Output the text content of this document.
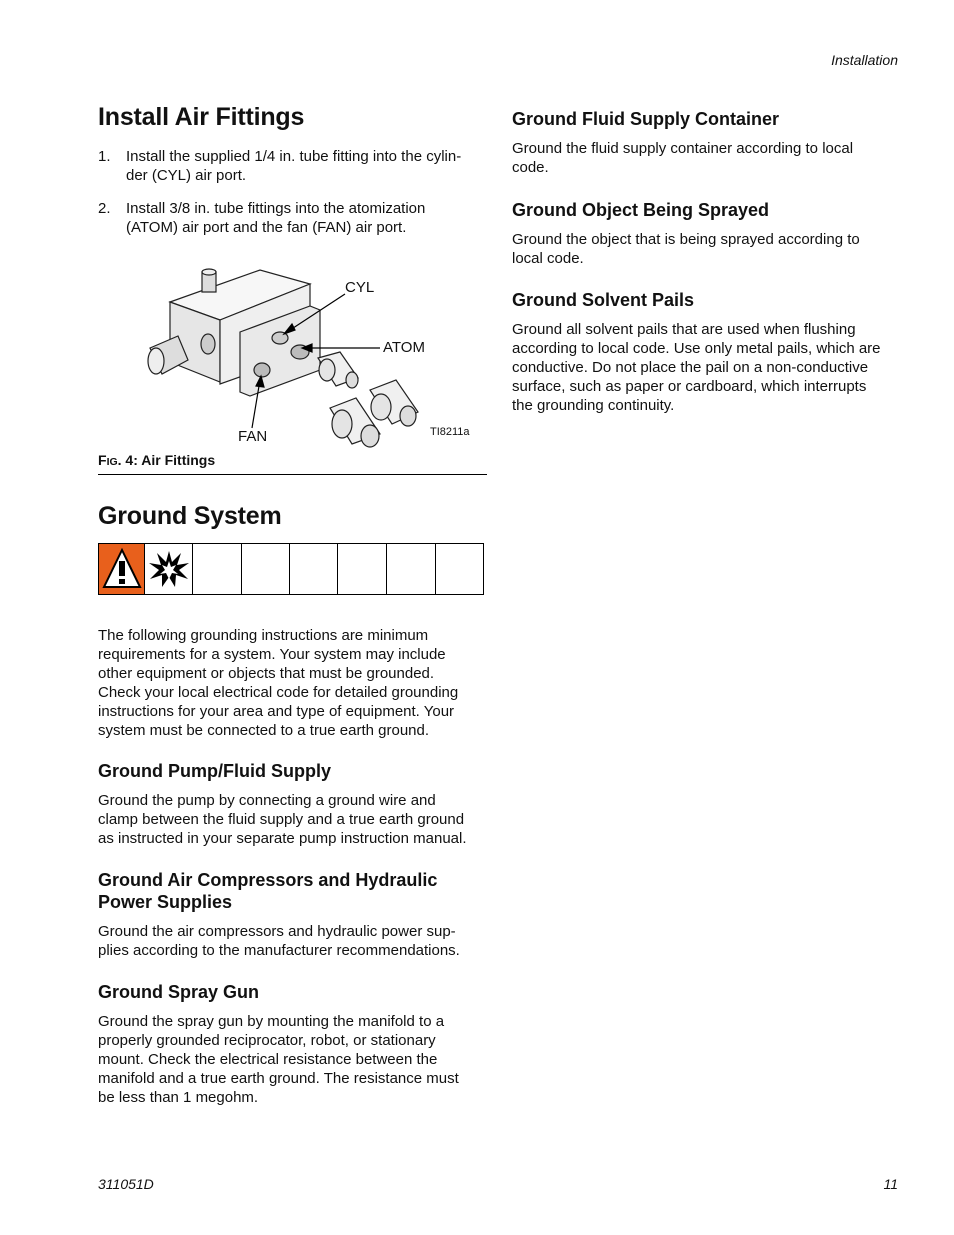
Installation
311051D	11
Install Air Fittings
1. Install the supplied 1/4 in. tube fitting into the cylin-
der (CYL) air port.
2. Install 3/8 in. tube fittings into the atomization
(ATOM) air port and the fan (FAN) air port.
CYL
ATOM
FAN	TI8211a
FIG. 4: Air Fittings
Ground System

The following grounding instructions are minimum
requirements for a system. Your system may include
other equipment or objects that must be grounded.
Check your local electrical code for detailed grounding
instructions for your area and type of equipment. Your
system must be connected to a true earth ground.

Ground Pump/Fluid Supply

Ground the pump by connecting a ground wire and
clamp between the fluid supply and a true earth ground
as instructed in your separate pump instruction manual.

Ground Air Compressors and Hydraulic
Power Supplies

Ground the air compressors and hydraulic power sup-
plies according to the manufacturer recommendations.

Ground Spray Gun

Ground the spray gun by mounting the manifold to a
properly grounded reciprocator, robot, or stationary
mount. Check the electrical resistance between the
manifold and a true earth ground. The resistance must
be less than 1 megohm.

Ground Fluid Supply Container

Ground the fluid supply container according to local
code.

Ground Object Being Sprayed

Ground the object that is being sprayed according to
local code.

Ground Solvent Pails

Ground all solvent pails that are used when flushing
according to local code. Use only metal pails, which are
conductive. Do not place the pail on a non-conductive
surface, such as paper or cardboard, which interrupts
the grounding continuity.
